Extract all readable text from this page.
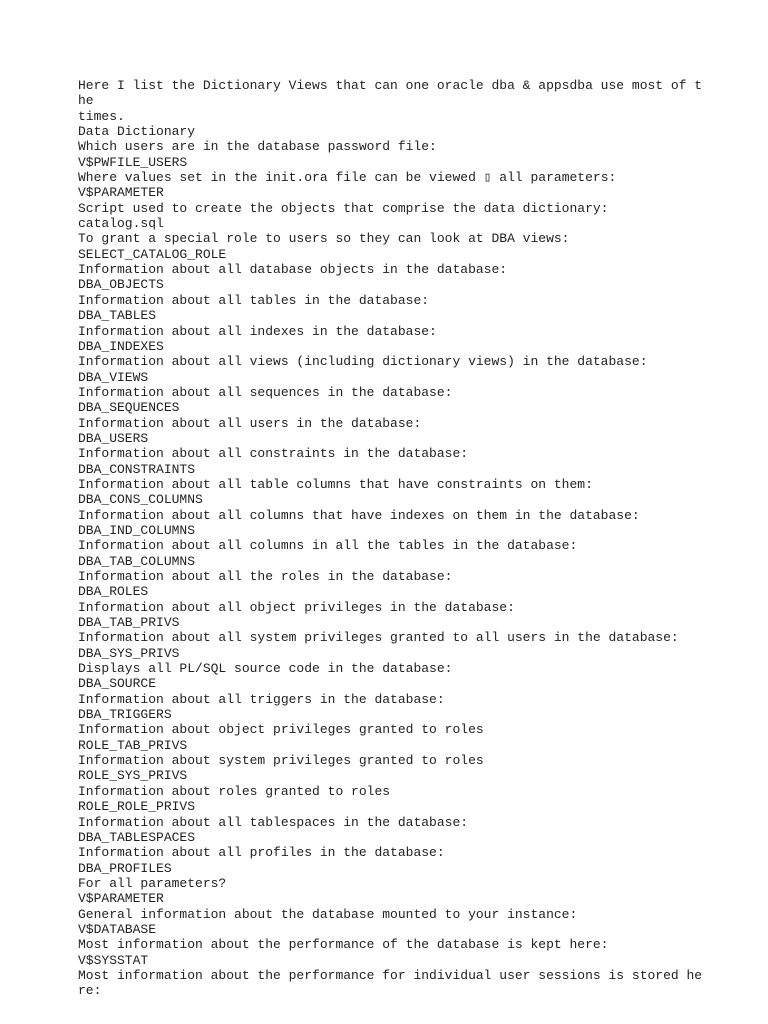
Here I list the Dictionary Views that can one oracle dba & appsdba use most of t
he
times.
Data Dictionary
Which users are in the database password file:
V$PWFILE_USERS
Where values set in the init.ora file can be viewed ▯ all parameters:
V$PARAMETER
Script used to create the objects that comprise the data dictionary:
catalog.sql
To grant a special role to users so they can look at DBA views:
SELECT_CATALOG_ROLE
Information about all database objects in the database:
DBA_OBJECTS
Information about all tables in the database:
DBA_TABLES
Information about all indexes in the database:
DBA_INDEXES
Information about all views (including dictionary views) in the database:
DBA_VIEWS
Information about all sequences in the database:
DBA_SEQUENCES
Information about all users in the database:
DBA_USERS
Information about all constraints in the database:
DBA_CONSTRAINTS
Information about all table columns that have constraints on them:
DBA_CONS_COLUMNS
Information about all columns that have indexes on them in the database:
DBA_IND_COLUMNS
Information about all columns in all the tables in the database:
DBA_TAB_COLUMNS
Information about all the roles in the database:
DBA_ROLES
Information about all object privileges in the database:
DBA_TAB_PRIVS
Information about all system privileges granted to all users in the database:
DBA_SYS_PRIVS
Displays all PL/SQL source code in the database:
DBA_SOURCE
Information about all triggers in the database:
DBA_TRIGGERS
Information about object privileges granted to roles
ROLE_TAB_PRIVS
Information about system privileges granted to roles
ROLE_SYS_PRIVS
Information about roles granted to roles
ROLE_ROLE_PRIVS
Information about all tablespaces in the database:
DBA_TABLESPACES
Information about all profiles in the database:
DBA_PROFILES
For all parameters?
V$PARAMETER
General information about the database mounted to your instance:
V$DATABASE
Most information about the performance of the database is kept here:
V$SYSSTAT
Most information about the performance for individual user sessions is stored he
re:
